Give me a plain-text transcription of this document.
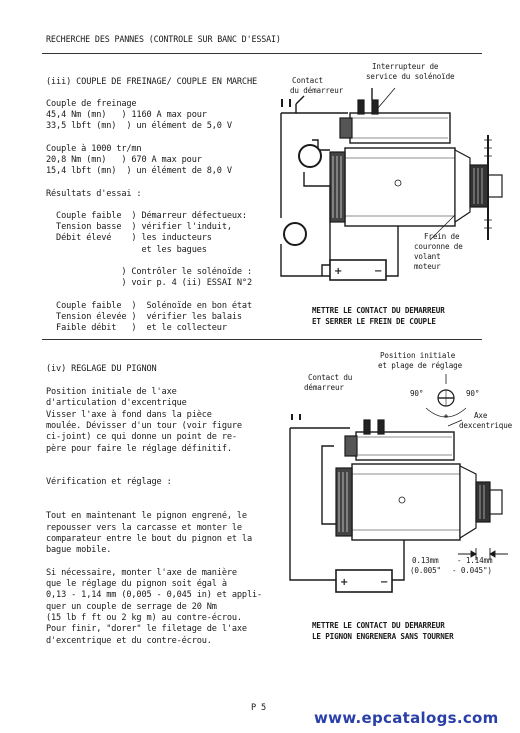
RECHERCHE DES PANNES (CONTROLE SUR BANC D'ESSAI)
(iii) COUPLE DE FREINAGE/ COUPLE EN MARCHE
Couple de freinage
45,4 Nm (mn)   ) 1160 A max pour
33,5 lbft (mn)  ) un élément de 5,0 V
Couple à 1000 tr/mn
20,8 Nm (mn)   ) 670 A max pour
15,4 lbft (mn)  ) un élément de 8,0 V
Résultats d'essai :
Couple faible  ) Démarreur défectueux:
Tension basse  ) vérifier l'induit,
Débit élevé    ) les inducteurs
et les bagues
) Contrôler le solénoïde :
) voir p. 4 (ii) ESSAI N°2
Couple faible  )  Solénoïde en bon état
Tension élevée )  vérifier les balais
Faible débit   )  et le collecteur
Contact
du démarreur
Interrupteur de
service du solénoïde
Frein de
couronne de
volant
moteur
METTRE LE CONTACT DU DEMARREUR
ET SERRER LE FREIN DE COUPLE
(iv) REGLAGE DU PIGNON
Position initiale de l'axe
d'articulation d'excentrique
Visser l'axe à fond dans la pièce
moulée. Dévisser d'un tour (voir figure
ci-joint) ce qui donne un point de re-
père pour faire le réglage définitif.
Vérification et réglage :
Tout en maintenant le pignon engrené, le
repousser vers la carcasse et monter le
comparateur entre le bout du pignon et la
bague mobile.
Si nécessaire, monter l'axe de manière
que le réglage du pignon soit égal à
0,13 - 1,14 mm (0,005 - 0,045 in) et appli-
quer un couple de serrage de 20 Nm
(15 lb f ft ou 2 kg m) au contre-écrou.
Pour finir, "dorer" le filetage de l'axe
d'excentrique et du contre-écrou.
Position initiale
et plage de réglage
90°	90°
Axe
dexcentrique
Contact du
démarreur
0.13mm
(0.005"
- 1.14mm
- 0.045")
METTRE LE CONTACT DU DEMARREUR
LE PIGNON ENGRENERA SANS TOURNER
P 5
www.epcatalogs.com
+	−
+	−
